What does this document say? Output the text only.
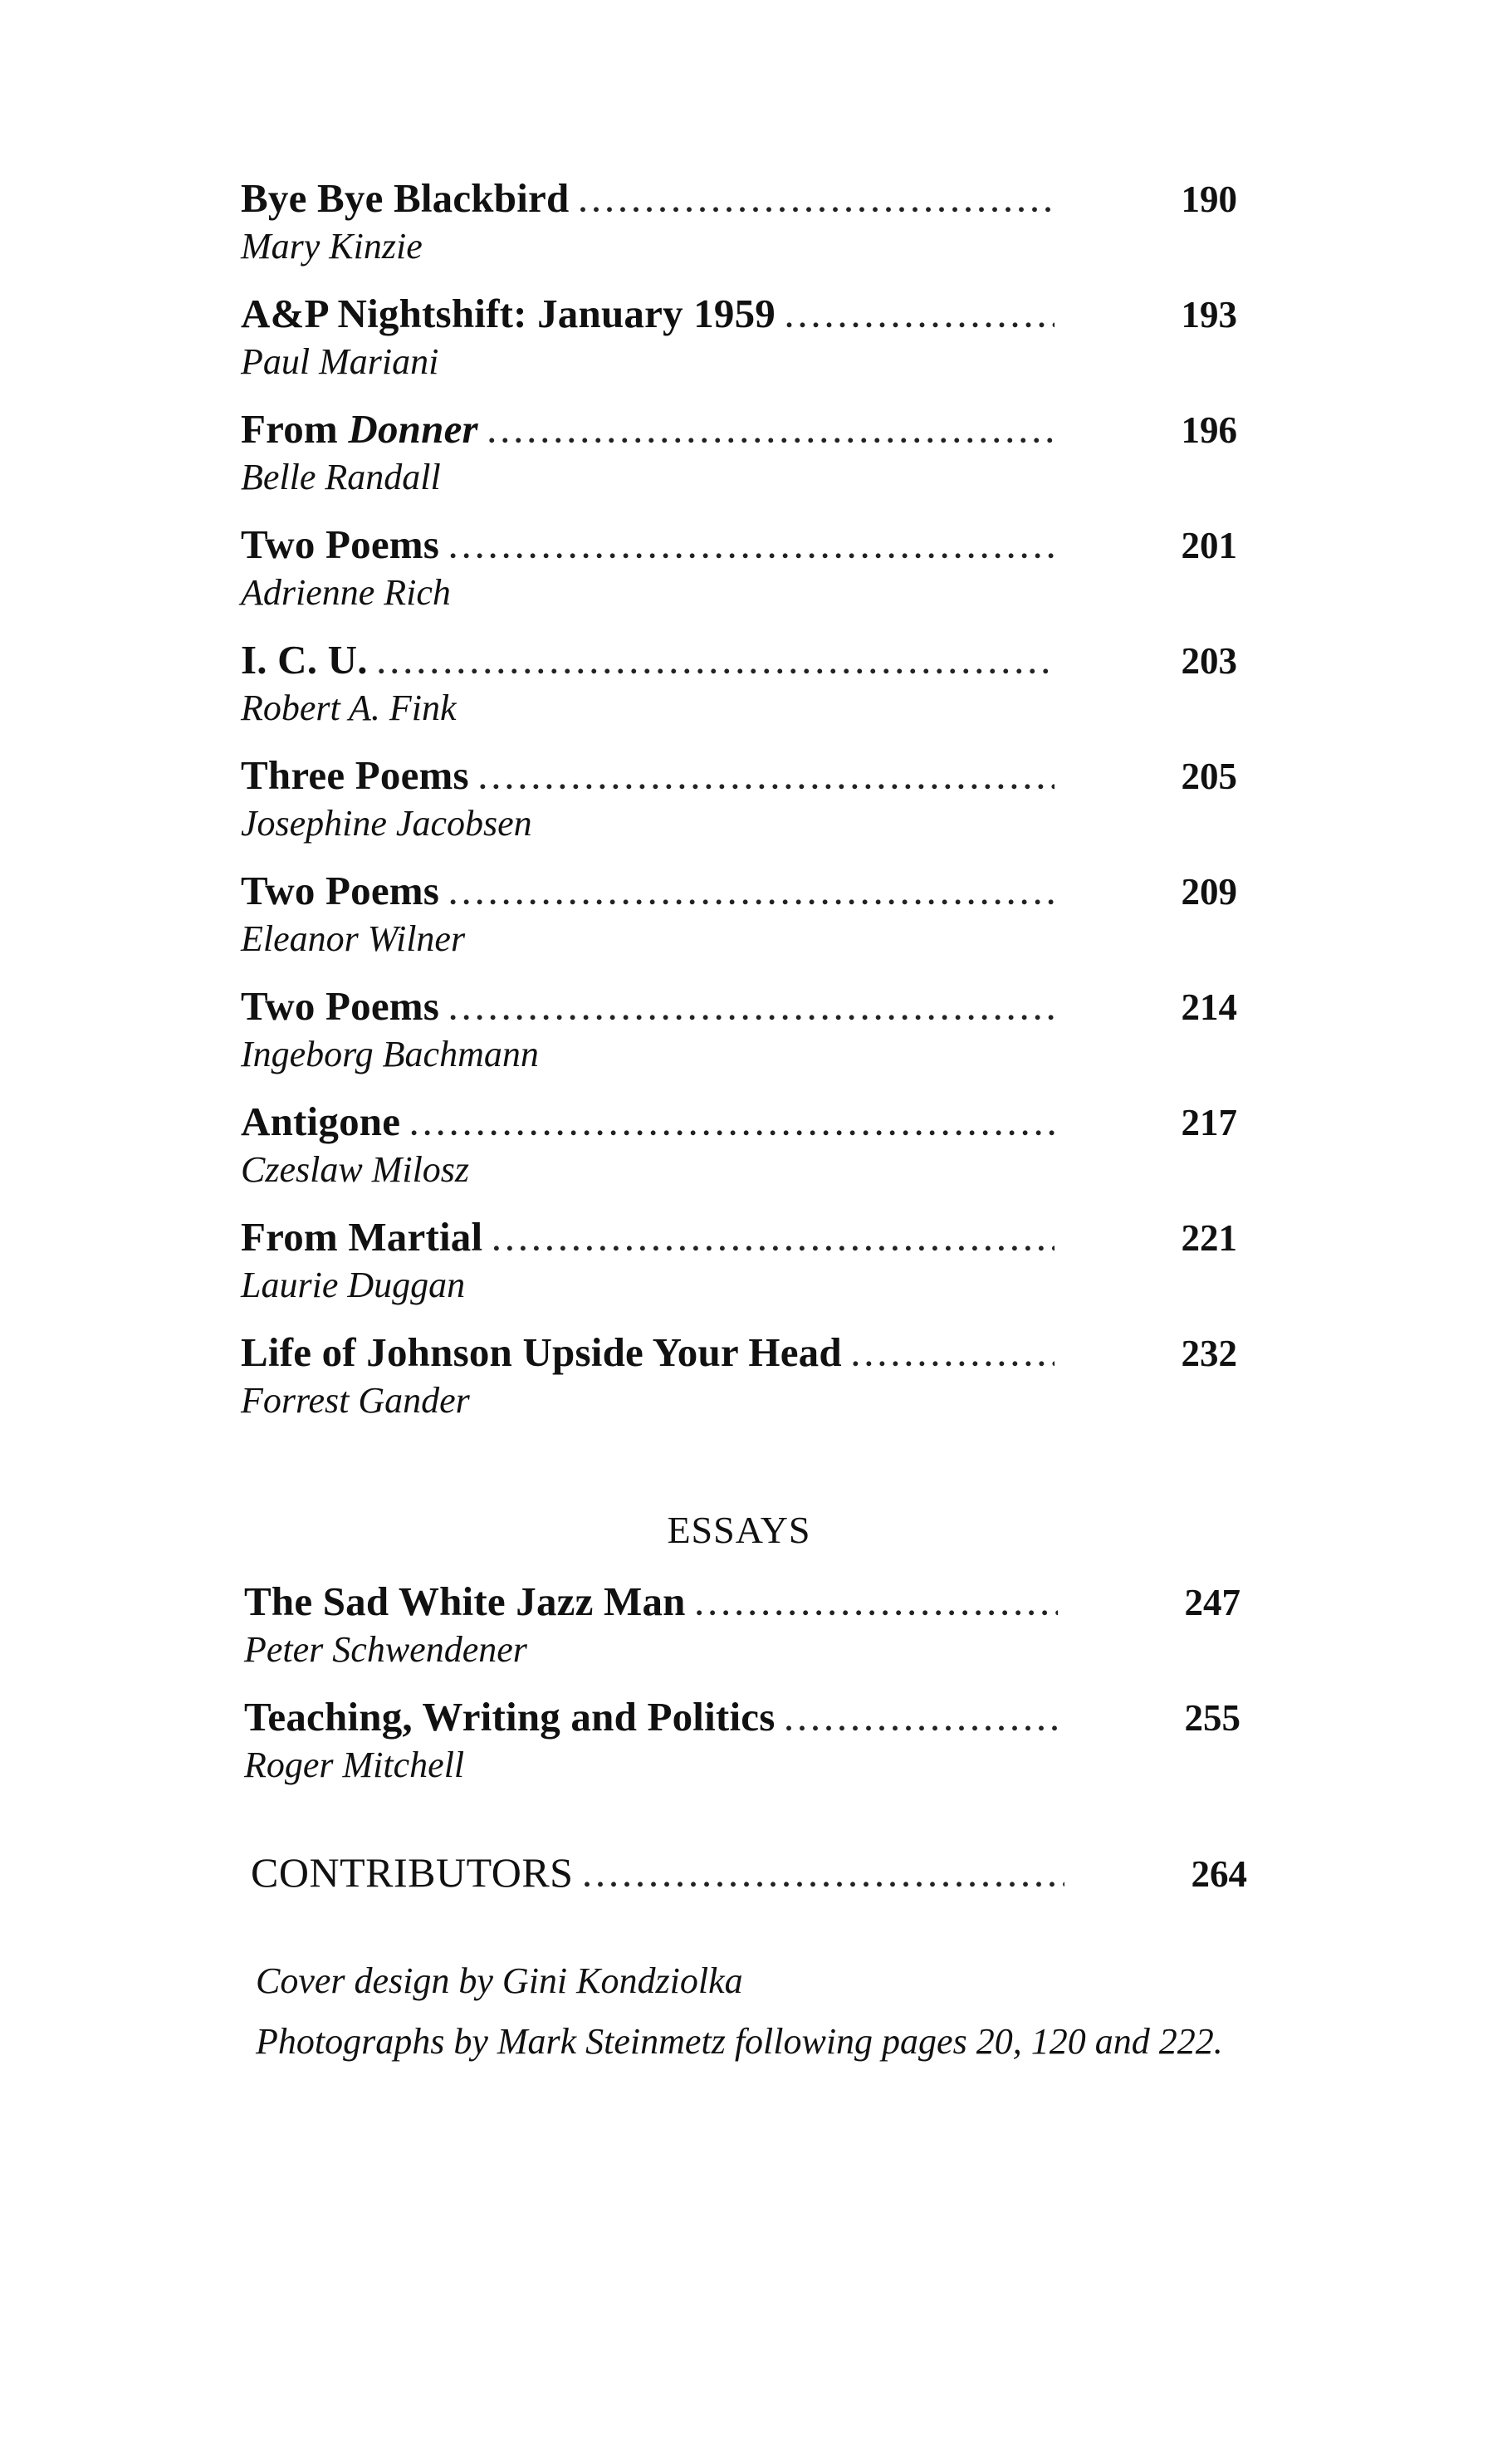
Bye Bye Blackbird . . .	190
Mary Kinzie
A&P Nightshift: January 1959 . . .	193
Paul Mariani
From Donner . . .	196
Belle Randall
Two Poems . . .	201
Adrienne Rich
I. C. U. . . .	203
Robert A. Fink
Three Poems . . .	205
Josephine Jacobsen
Two Poems . . .	209
Eleanor Wilner
Two Poems . . .	214
Ingeborg Bachmann
Antigone . . .	217
Czeslaw Milosz
From Martial . . .	221
Laurie Duggan
Life of Johnson Upside Your Head . . .	232
Forrest Gander
ESSAYS
The Sad White Jazz Man . . .	247
Peter Schwendener
Teaching, Writing and Politics . . .	255
Roger Mitchell
CONTRIBUTORS . . .	264

Cover design by Gini Kondziolka

Photographs by Mark Steinmetz following pages 20, 120 and 222.
